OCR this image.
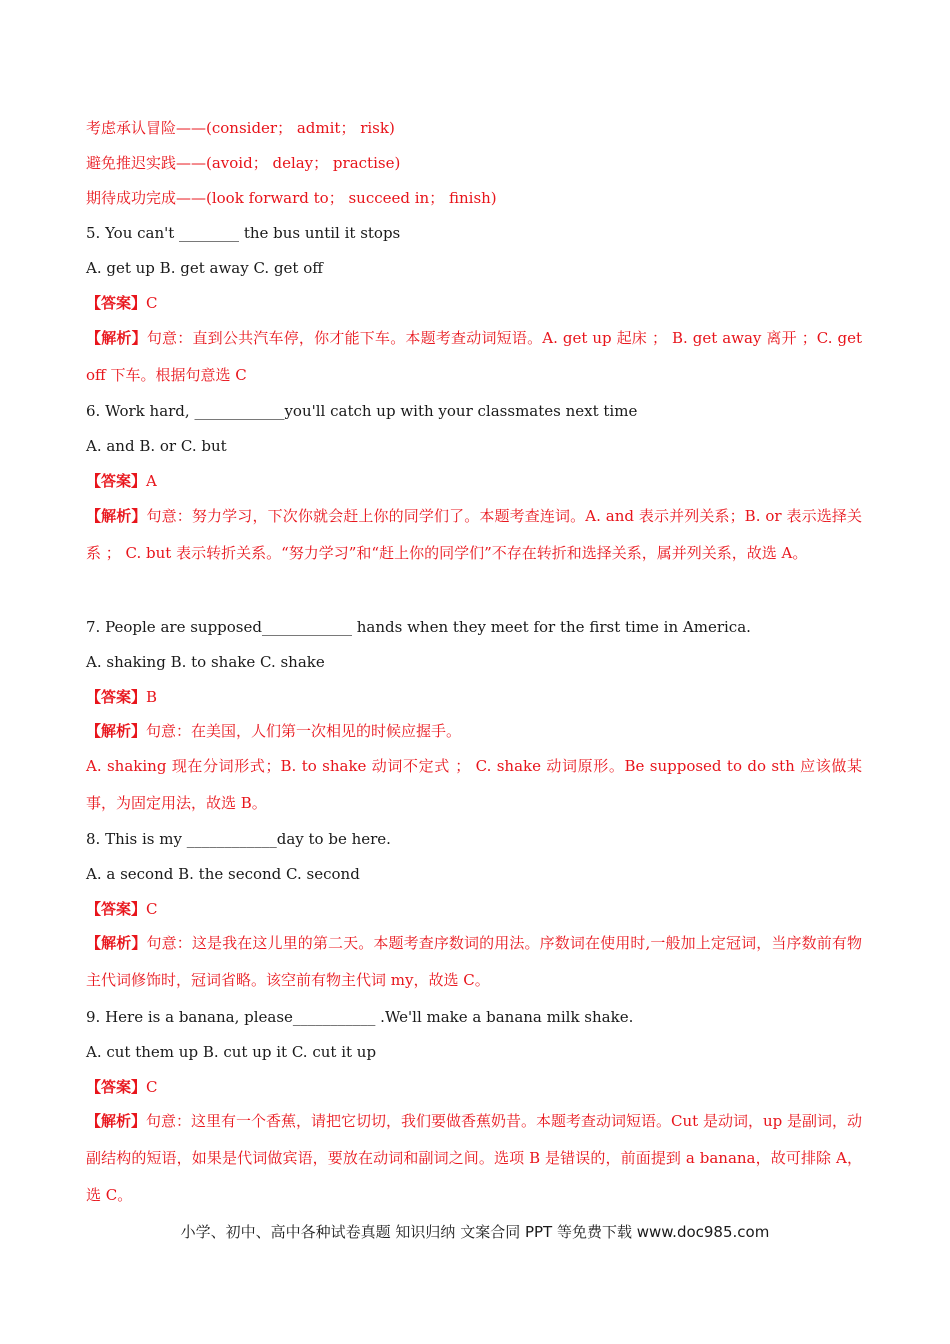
考虑承认冒险——(consider； admit； risk)
避免推迟实践——(avoid； delay； practise)
期待成功完成——(look forward to； succeed in； finish)
5. You can't ________ the bus until it stops
A. get up B. get away C. get off
【答案】C
【解析】句意：直到公共汽车停，你才能下车。本题考查动词短语。A. get up 起床 ； B. get away 离开 ；C. get off 下车。根据句意选 C
6. Work hard, ____________you'll catch up with your classmates next time
A. and B. or C. but
【答案】A
【解析】句意：努力学习，下次你就会赶上你的同学们了。本题考查连词。A. and 表示并列关系；B. or 表示选择关系 ； C. but 表示转折关系。“努力学习”和“赶上你的同学们”不存在转折和选择关系，属并列关系，故选 A。
7. People are supposed____________ hands when they meet for the first time in America.
A. shaking B. to shake C. shake
【答案】B
【解析】句意：在美国，人们第一次相见的时候应握手。
A. shaking 现在分词形式；B. to shake 动词不定式 ； C. shake 动词原形。Be supposed to do sth 应该做某事，为固定用法，故选 B。
8. This is my ____________day to be here.
A. a second B. the second C. second
【答案】C
【解析】句意：这是我在这儿里的第二天。本题考查序数词的用法。序数词在使用时,一般加上定冠词，当序数前有物主代词修饰时，冠词省略。该空前有物主代词 my，故选 C。
9. Here is a banana, please___________ .We'll make a banana milk shake.
A. cut them up B. cut up it C. cut it up
【答案】C
【解析】句意：这里有一个香蕉，请把它切切，我们要做香蕉奶昔。本题考查动词短语。Cut 是动词，up 是副词，动副结构的短语，如果是代词做宾语，要放在动词和副词之间。选项 B 是错误的，前面提到 a banana，故可排除 A，选 C。
小学、初中、高中各种试卷真题 知识归纳 文案合同 PPT 等免费下载 www.doc985.com
